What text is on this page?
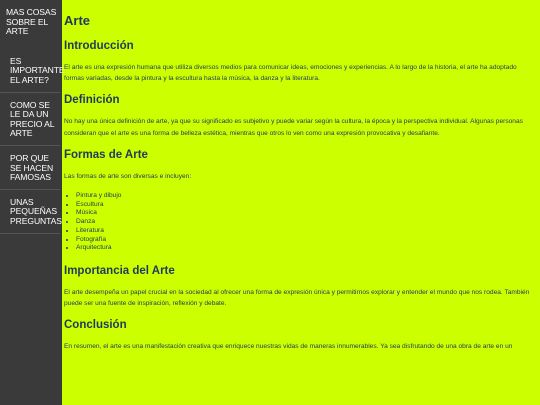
MAS COSAS SOBRE EL ARTE
ES IMPORTANTE EL ARTE?
COMO SE LE DA UN PRECIO AL ARTE
POR QUE SE HACEN FAMOSAS
UNAS PEQUEÑAS PREGUNTAS
Arte
Introducción

El arte es una expresión humana que utiliza diversos medios para comunicar ideas, emociones y experiencias. A lo largo de la historia, el arte ha adoptado formas variadas, desde la pintura y la escultura hasta la música, la danza y la literatura.

Definición

No hay una única definición de arte, ya que su significado es subjetivo y puede variar según la cultura, la época y la perspectiva individual. Algunas personas consideran que el arte es una forma de belleza estética, mientras que otros lo ven como una expresión provocativa y desafiante.

Formas de Arte

Las formas de arte son diversas e incluyen:

• Pintura y dibujo
• Escultura
• Música
• Danza
• Literatura
• Fotografía
• Arquitectura
Importancia del Arte

El arte desempeña un papel crucial en la sociedad al ofrecer una forma de expresión única y permitirnos explorar y entender el mundo que nos rodea. También puede ser una fuente de inspiración, reflexión y debate.

Conclusión

En resumen, el arte es una manifestación creativa que enriquece nuestras vidas de maneras innumerables. Ya sea disfrutando de una obra de arte en un
